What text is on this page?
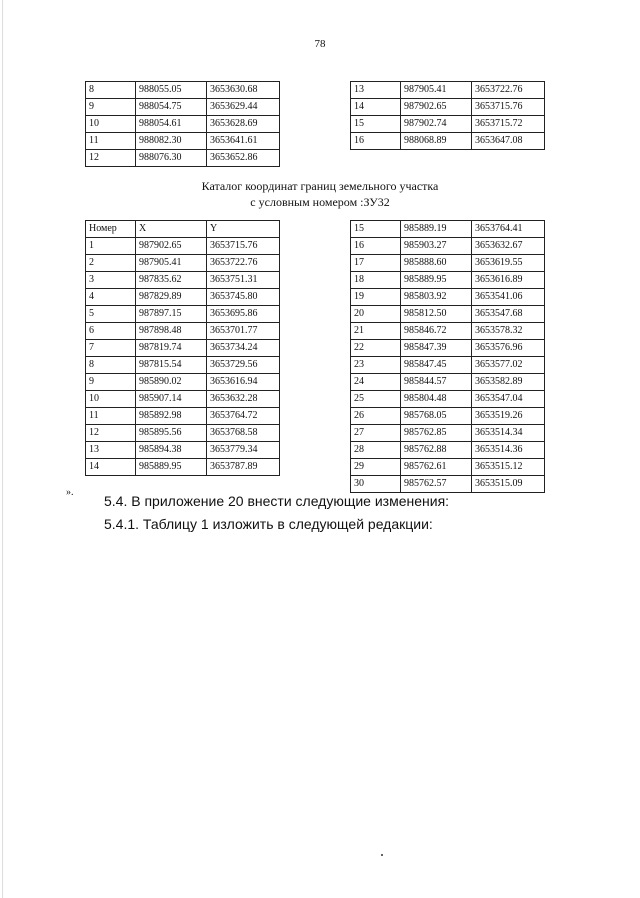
78
8	988055.05	3653630.68
9	988054.75	3653629.44
10	988054.61	3653628.69
11	988082.30	3653641.61
12	988076.30	3653652.86
13	987905.41	3653722.76
14	987902.65	3653715.76
15	987902.74	3653715.72
16	988068.89	3653647.08
Каталог координат границ земельного участка
с условным номером :ЗУ32
Номер	X	Y
1	987902.65	3653715.76
2	987905.41	3653722.76
3	987835.62	3653751.31
4	987829.89	3653745.80
5	987897.15	3653695.86
6	987898.48	3653701.77
7	987819.74	3653734.24
8	987815.54	3653729.56
9	985890.02	3653616.94
10	985907.14	3653632.28
11	985892.98	3653764.72
12	985895.56	3653768.58
13	985894.38	3653779.34
14	985889.95	3653787.89
15	985889.19	3653764.41
16	985903.27	3653632.67
17	985888.60	3653619.55
18	985889.95	3653616.89
19	985803.92	3653541.06
20	985812.50	3653547.68
21	985846.72	3653578.32
22	985847.39	3653576.96
23	985847.45	3653577.02
24	985844.57	3653582.89
25	985804.48	3653547.04
26	985768.05	3653519.26
27	985762.85	3653514.34
28	985762.88	3653514.36
29	985762.61	3653515.12
30	985762.57	3653515.09
».
5.4. В приложение 20 внести следующие изменения:
5.4.1. Таблицу 1 изложить в следующей редакции:
